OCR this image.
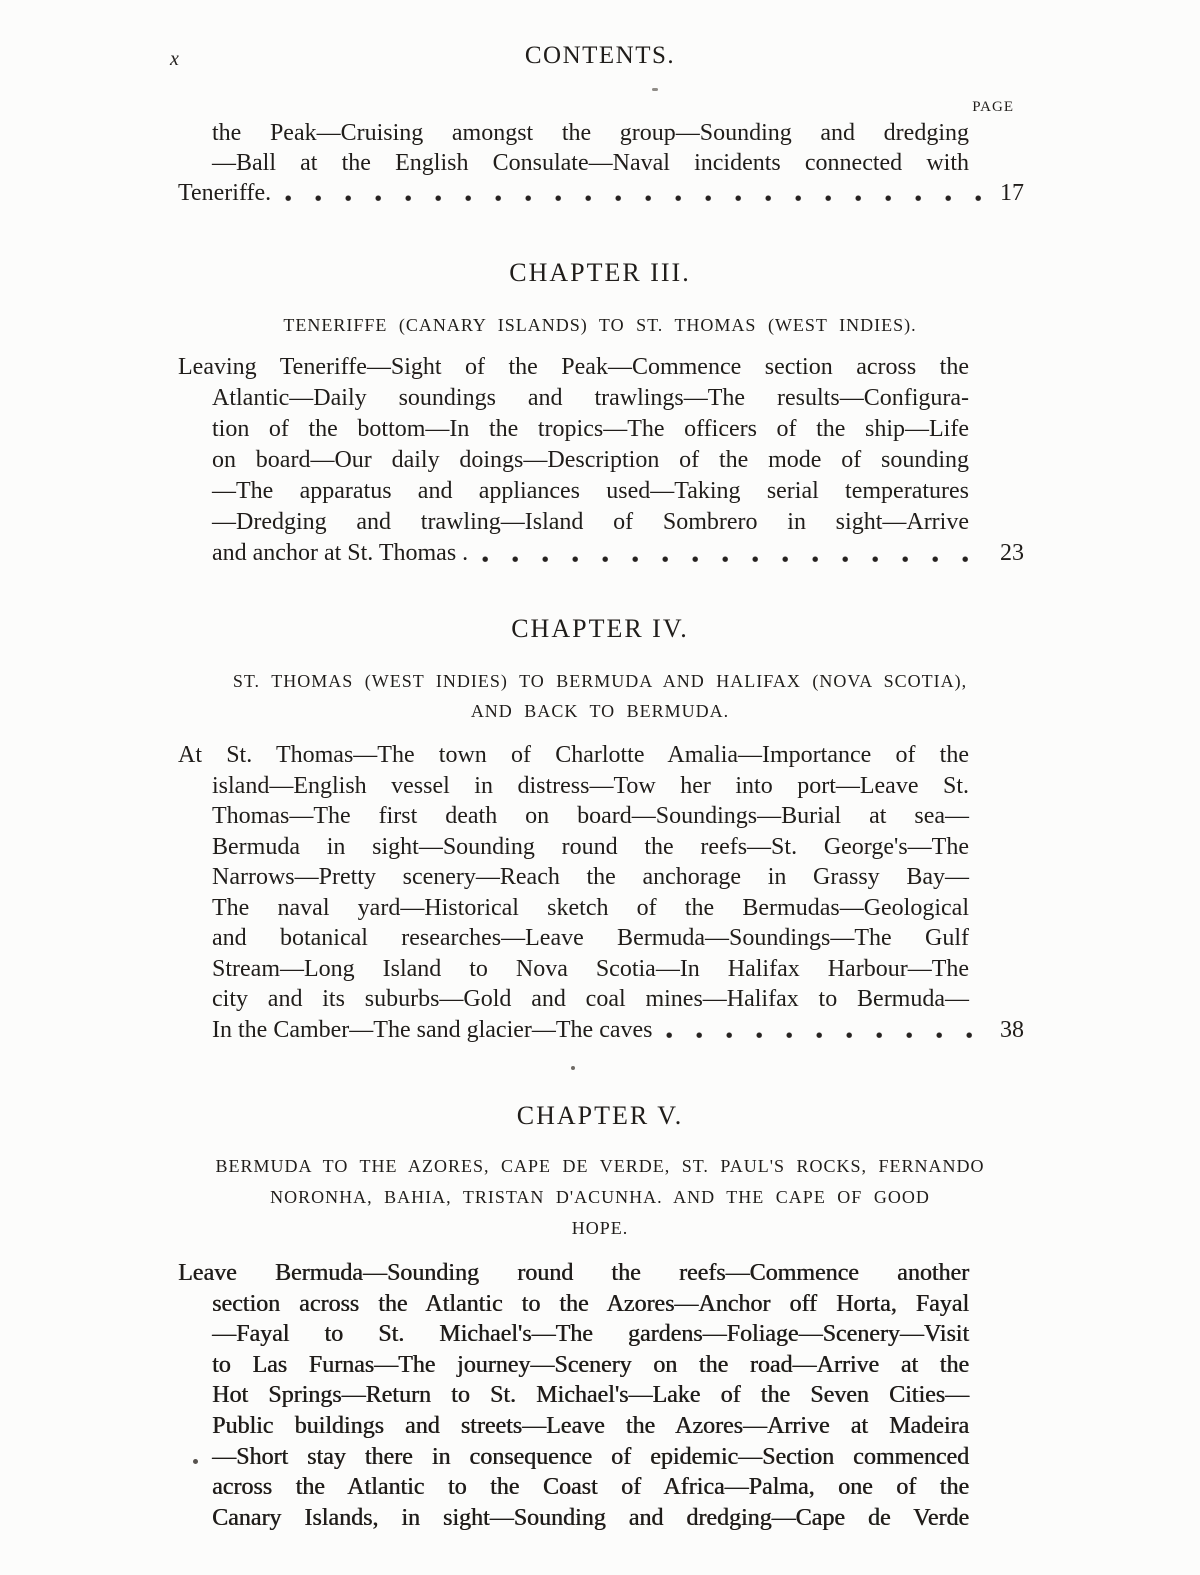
x	CONTENTS.
PAGE
the Peak—Cruising amongst the group—Sounding and dredging
—Ball at the English Consulate—Naval incidents connected with
Teneriffe.	17
CHAPTER III.
TENERIFFE (CANARY ISLANDS) TO ST. THOMAS (WEST INDIES).
Leaving Teneriffe—Sight of the Peak—Commence section across the
Atlantic—Daily soundings and trawlings—The results—Configura-
tion of the bottom—In the tropics—The officers of the ship—Life
on board—Our daily doings—Description of the mode of sounding
—The apparatus and appliances used—Taking serial temperatures
—Dredging and trawling—Island of Sombrero in sight—Arrive
and anchor at St. Thomas .	23
CHAPTER IV.
ST. THOMAS (WEST INDIES) TO BERMUDA AND HALIFAX (NOVA SCOTIA),
AND BACK TO BERMUDA.
At St. Thomas—The town of Charlotte Amalia—Importance of the
island—English vessel in distress—Tow her into port—Leave St.
Thomas—The first death on board—Soundings—Burial at sea—
Bermuda in sight—Sounding round the reefs—St. George's—The
Narrows—Pretty scenery—Reach the anchorage in Grassy Bay—
The naval yard—Historical sketch of the Bermudas—Geological
and botanical researches—Leave Bermuda—Soundings—The Gulf
Stream—Long Island to Nova Scotia—In Halifax Harbour—The
city and its suburbs—Gold and coal mines—Halifax to Bermuda—
In the Camber—The sand glacier—The caves	38
CHAPTER V.
BERMUDA TO THE AZORES, CAPE DE VERDE, ST. PAUL'S ROCKS, FERNANDO
NORONHA, BAHIA, TRISTAN D'ACUNHA. AND THE CAPE OF GOOD
HOPE.
Leave Bermuda—Sounding round the reefs—Commence another
section across the Atlantic to the Azores—Anchor off Horta, Fayal
—Fayal to St. Michael's—The gardens—Foliage—Scenery—Visit
to Las Furnas—The journey—Scenery on the road—Arrive at the
Hot Springs—Return to St. Michael's—Lake of the Seven Cities—
Public buildings and streets—Leave the Azores—Arrive at Madeira
—Short stay there in consequence of epidemic—Section commenced
across the Atlantic to the Coast of Africa—Palma, one of the
Canary Islands, in sight—Sounding and dredging—Cape de Verde
